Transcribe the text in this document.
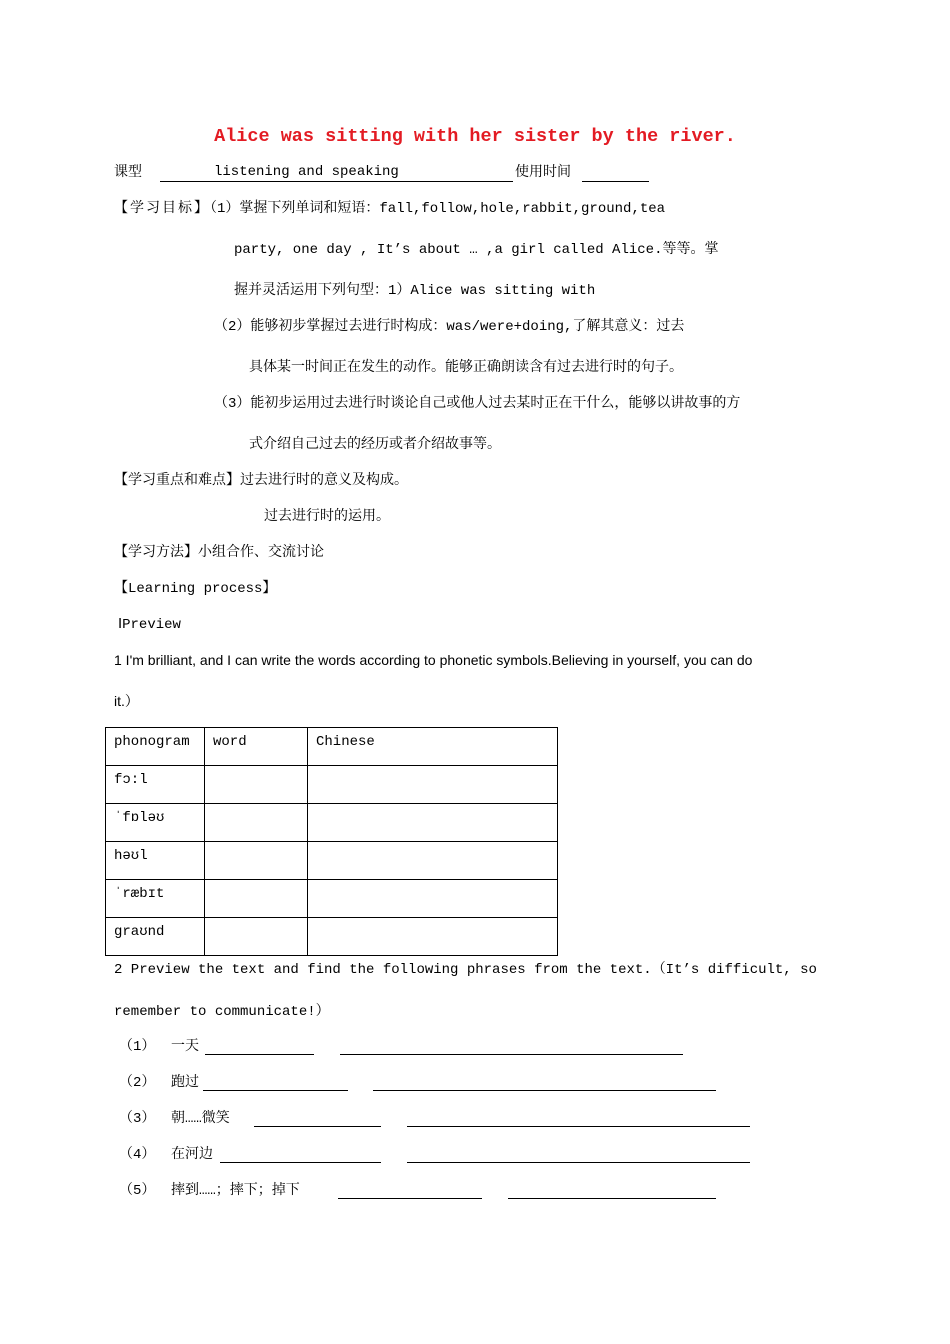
Alice was sitting with her sister by the river.
课型	listening and speaking	使用时间
【学习目标】（1）掌握下列单词和短语：fall,follow,hole,rabbit,ground,tea
party, one day , It’s about … ,a girl called Alice.等等。掌
握并灵活运用下列句型：1）Alice was sitting with
（2）能够初步掌握过去进行时构成：was/were+doing,了解其意义：过去
具体某一时间正在发生的动作。能够正确朗读含有过去进行时的句子。
（3）能初步运用过去进行时谈论自己或他人过去某时正在干什么，能够以讲故事的方
式介绍自己过去的经历或者介绍故事等。
【学习重点和难点】过去进行时的意义及构成。
过去进行时的运用。
【学习方法】小组合作、交流讨论
【Learning process】
ⅠPreview
1 I'm brilliant, and I can write the words according to phonetic symbols.Believing in yourself, you can do
it.）
phonogram	word	Chinese
fɔ:l		
ˈfɒləʊ		
həʊl		
ˈræbɪt		
graʊnd		
2 Preview the text and find the following phrases from the text.（It’s difficult, so
remember to communicate!）
（1） 一天
（2） 跑过
（3） 朝……微笑
（4） 在河边
（5） 摔到……；摔下；掉下
